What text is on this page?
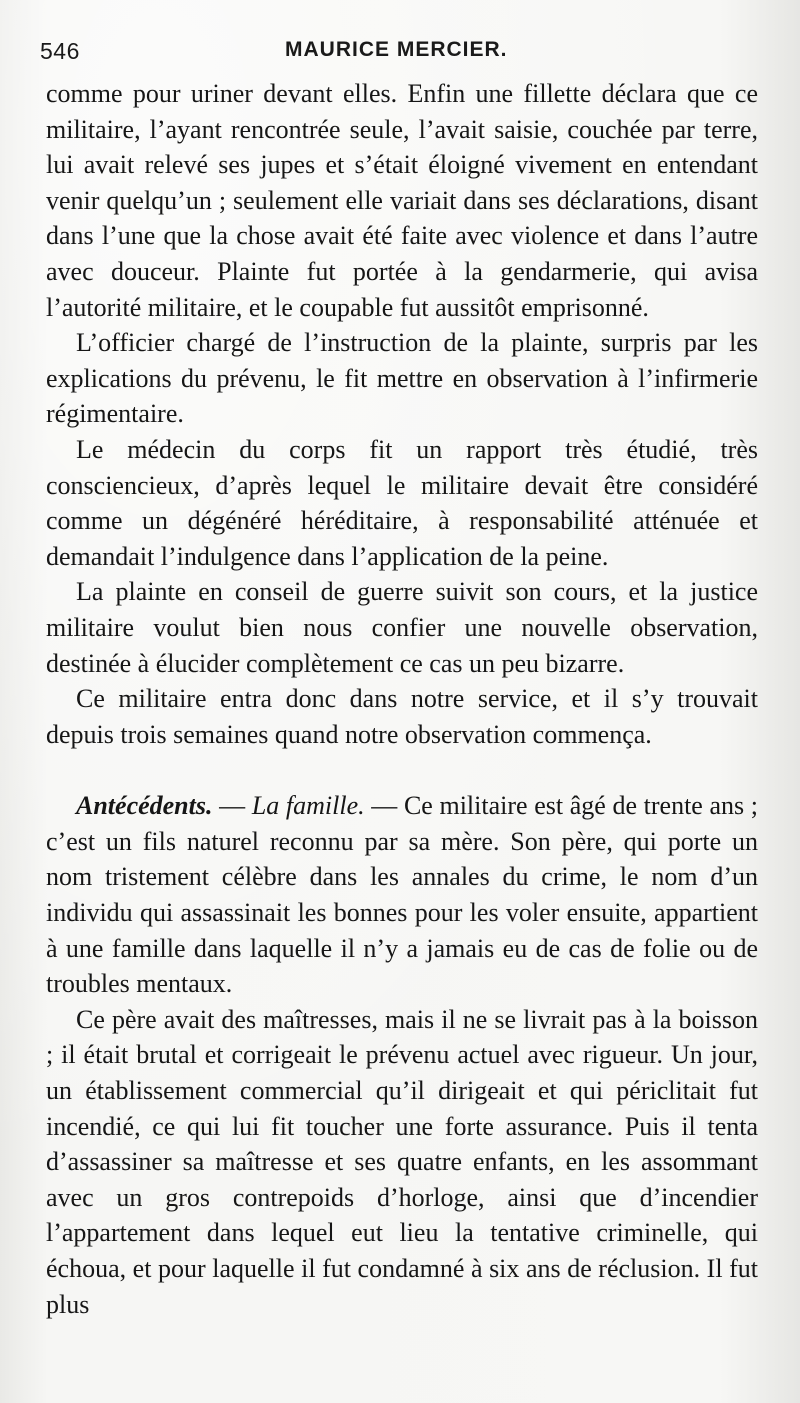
546	MAURICE MERCIER.

comme pour uriner devant elles. Enfin une fillette déclara que ce militaire, l’ayant rencontrée seule, l’avait saisie, couchée par terre, lui avait relevé ses jupes et s’était éloigné vivement en entendant venir quelqu’un ; seulement elle variait dans ses déclarations, disant dans l’une que la chose avait été faite avec violence et dans l’autre avec douceur. Plainte fut portée à la gendarmerie, qui avisa l’autorité militaire, et le coupable fut aussitôt emprisonné.

L’officier chargé de l’instruction de la plainte, surpris par les explications du prévenu, le fit mettre en observation à l’infirmerie régimentaire.

Le médecin du corps fit un rapport très étudié, très consciencieux, d’après lequel le militaire devait être considéré comme un dégénéré héréditaire, à responsabilité atténuée et demandait l’indulgence dans l’application de la peine.

La plainte en conseil de guerre suivit son cours, et la justice militaire voulut bien nous confier une nouvelle observation, destinée à élucider complètement ce cas un peu bizarre.

Ce militaire entra donc dans notre service, et il s’y trouvait depuis trois semaines quand notre observation commença.

Antécédents. — La famille. — Ce militaire est âgé de trente ans ; c’est un fils naturel reconnu par sa mère. Son père, qui porte un nom tristement célèbre dans les annales du crime, le nom d’un individu qui assassinait les bonnes pour les voler ensuite, appartient à une famille dans laquelle il n’y a jamais eu de cas de folie ou de troubles mentaux.

Ce père avait des maîtresses, mais il ne se livrait pas à la boisson ; il était brutal et corrigeait le prévenu actuel avec rigueur. Un jour, un établissement commercial qu’il dirigeait et qui périclitait fut incendié, ce qui lui fit toucher une forte assurance. Puis il tenta d’assassiner sa maîtresse et ses quatre enfants, en les assommant avec un gros contrepoids d’horloge, ainsi que d’incendier l’appartement dans lequel eut lieu la tentative criminelle, qui échoua, et pour laquelle il fut condamné à six ans de réclusion. Il fut plus
